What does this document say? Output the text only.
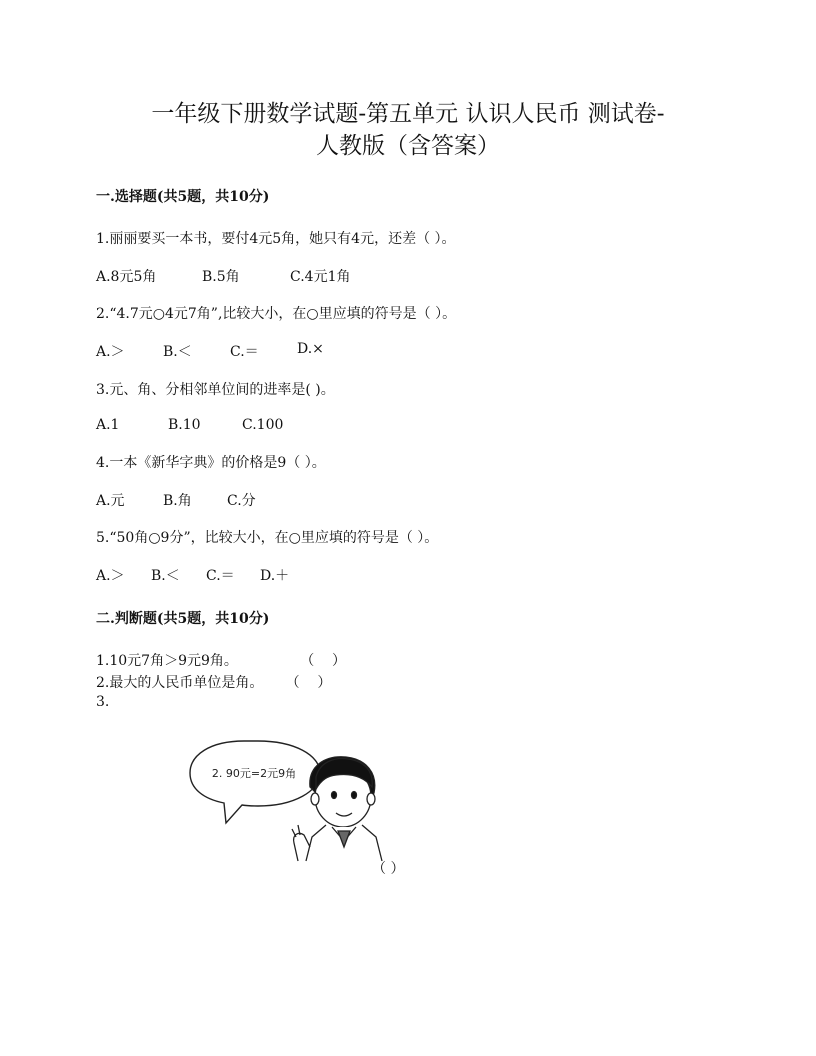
一年级下册数学试题-第五单元 认识人民币 测试卷-
人教版（含答案）
一.选择题(共5题，共10分)
1.丽丽要买一本书，要付4元5角，她只有4元，还差（ ）。
A.8元5角	B.5角	C.4元1角
2.“4.7元○4元7角”,比较大小，在○里应填的符号是（ ）。
A.＞	B.＜	C.＝	D.×
3.元、角、分相邻单位间的进率是( )。
A.1	B.10	C.100
4.一本《新华字典》的价格是9（ ）。
A.元	B.角	C.分
5.“50角○9分”，比较大小，在○里应填的符号是（ ）。
A.＞	B.＜	C.＝	D.＋
二.判断题(共5题，共10分)
1.10元7角＞9元9角。              （    ）
2.最大的人民币单位是角。     （    ）
3.
2. 90元=2元9角
（ ）
